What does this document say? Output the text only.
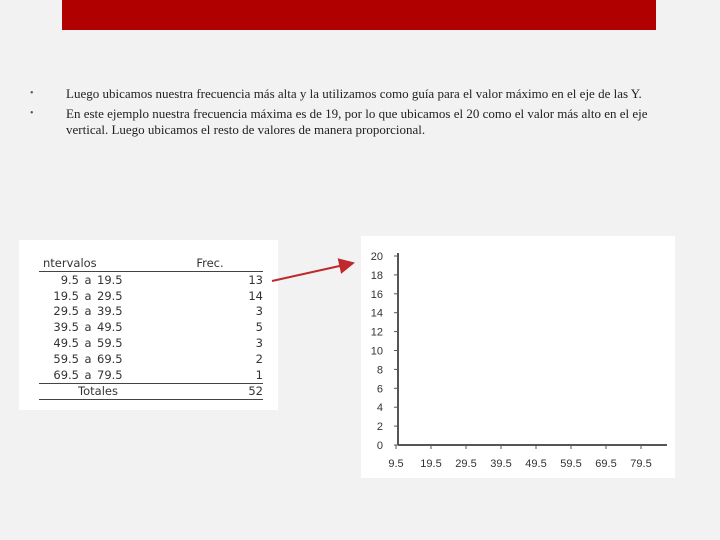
• Luego ubicamos nuestra frecuencia más alta y la utilizamos como guía para el valor máximo en el eje de las Y.
• En este ejemplo nuestra frecuencia máxima es de 19, por lo que ubicamos el 20 como el valor más alto en el eje vertical. Luego ubicamos el resto de valores de manera proporcional.
ntervalos			Frec.
9.5	a	19.5	13
19.5	a	29.5	14
29.5	a	39.5	3
39.5	a	49.5	5
49.5	a	59.5	3
59.5	a	69.5	2
69.5	a	79.5	1
Totales			52
0
2
4
6
8
10
12
14
16
18
20
9.5 19.5 29.5 39.5 49.5 59.5 69.5 79.5
